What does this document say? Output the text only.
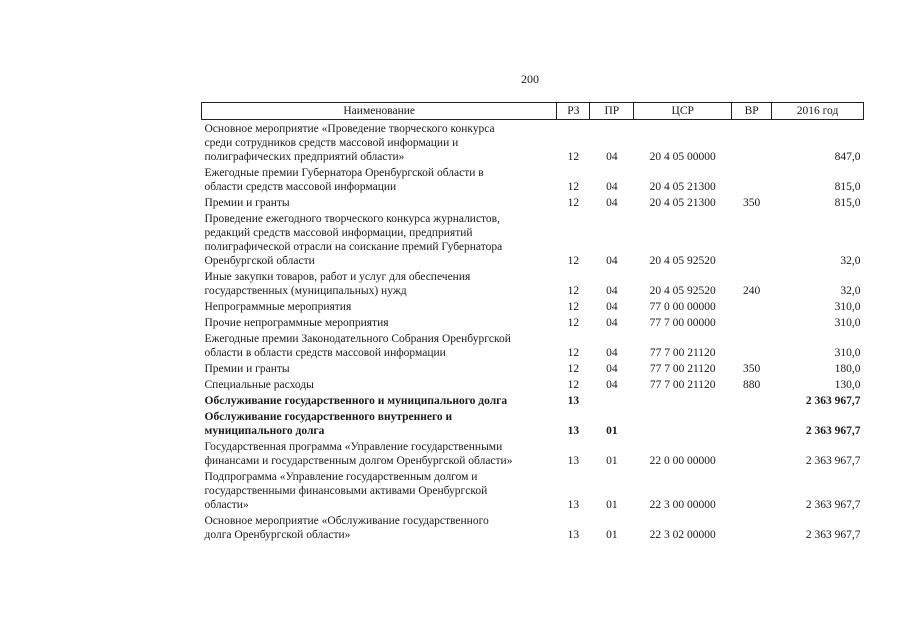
200
Наименование	РЗ	ПР	ЦСР	ВР	2016 год

Основное мероприятие «Проведение творческого конкурса
среди сотрудников средств массовой информации и
полиграфических предприятий области»	12	04	20 4 05 00000		847,0

Ежегодные премии Губернатора Оренбургской области в
области средств массовой информации	12	04	20 4 05 21300		815,0

Премии и гранты	12	04	20 4 05 21300	350	815,0

Проведение ежегодного творческого конкурса журналистов,
редакций средств массовой информации, предприятий
полиграфической отрасли на соискание премий Губернатора
Оренбургской области	12	04	20 4 05 92520		32,0

Иные закупки товаров, работ и услуг для обеспечения
государственных (муниципальных) нужд	12	04	20 4 05 92520	240	32,0

Непрограммные мероприятия	12	04	77 0 00 00000		310,0

Прочие непрограммные мероприятия	12	04	77 7 00 00000		310,0

Ежегодные премии Законодательного Собрания Оренбургской
области в области средств массовой информации	12	04	77 7 00 21120		310,0

Премии и гранты	12	04	77 7 00 21120	350	180,0

Специальные расходы	12	04	77 7 00 21120	880	130,0

Обслуживание государственного и муниципального долга	13				2 363 967,7

Обслуживание государственного внутреннего и
муниципального долга	13	01			2 363 967,7

Государственная программа «Управление государственными
финансами и государственным долгом Оренбургской области»	13	01	22 0 00 00000		2 363 967,7

Подпрограмма «Управление государственным долгом и
государственными финансовыми активами Оренбургской
области»	13	01	22 3 00 00000		2 363 967,7

Основное мероприятие «Обслуживание государственного
долга Оренбургской области»	13	01	22 3 02 00000		2 363 967,7
